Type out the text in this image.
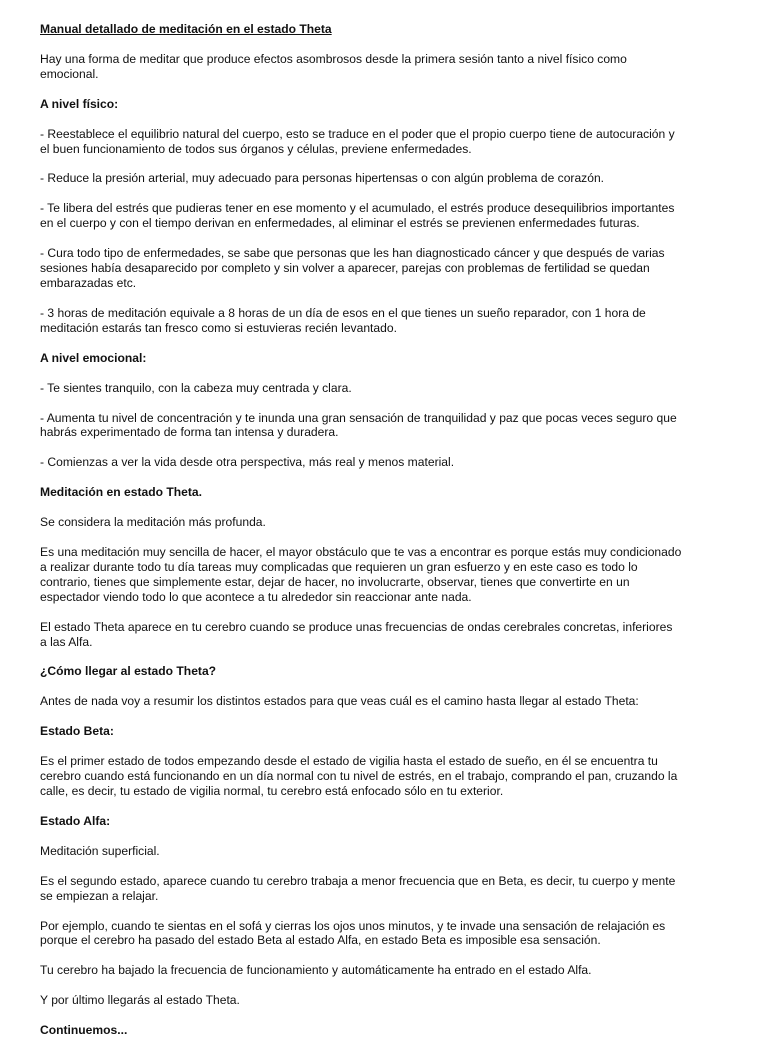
Manual detallado de meditación en el estado Theta
Hay una forma de meditar que produce efectos asombrosos desde la primera sesión tanto a nivel físico como
emocional.
A nivel físico:
- Reestablece el equilibrio natural del cuerpo, esto se traduce en el poder que el propio cuerpo tiene de autocuración y
el buen funcionamiento de todos sus órganos y células, previene enfermedades.
- Reduce la presión arterial, muy adecuado para personas hipertensas o con algún problema de corazón.
- Te libera del estrés que pudieras tener en ese momento y el acumulado, el estrés produce desequilibrios importantes
en el cuerpo y con el tiempo derivan en enfermedades, al eliminar el estrés se previenen enfermedades futuras.
- Cura todo tipo de enfermedades, se sabe que personas que les han diagnosticado cáncer y que después de varias
sesiones había desaparecido por completo y sin volver a aparecer, parejas con problemas de fertilidad se quedan
embarazadas etc.
- 3 horas de meditación equivale a 8 horas de un día de esos en el que tienes un sueño reparador, con 1 hora de
meditación estarás tan fresco como si estuvieras recién levantado.
A nivel emocional:
- Te sientes tranquilo, con la cabeza muy centrada y clara.
- Aumenta tu nivel de concentración y te inunda una gran sensación de tranquilidad y paz que pocas veces seguro que
habrás experimentado de forma tan intensa y duradera.
- Comienzas a ver la vida desde otra perspectiva, más real y menos material.
Meditación en estado Theta.
Se considera la meditación más profunda.
Es una meditación muy sencilla de hacer, el mayor obstáculo que te vas a encontrar es porque estás muy condicionado
a realizar durante todo tu día tareas muy complicadas que requieren un gran esfuerzo y en este caso es todo lo
contrario, tienes que simplemente estar, dejar de hacer, no involucrarte, observar, tienes que convertirte en un
espectador viendo todo lo que acontece a tu alrededor sin reaccionar ante nada.
El estado Theta aparece en tu cerebro cuando se produce unas frecuencias de ondas cerebrales concretas, inferiores
a las Alfa.
¿Cómo llegar al estado Theta?
Antes de nada voy a resumir los distintos estados para que veas cuál es el camino hasta llegar al estado Theta:
Estado Beta:
Es el primer estado de todos empezando desde el estado de vigilia hasta el estado de sueño, en él se encuentra tu
cerebro cuando está funcionando en un día normal con tu nivel de estrés, en el trabajo, comprando el pan, cruzando la
calle, es decir, tu estado de vigilia normal, tu cerebro está enfocado sólo en tu exterior.
Estado Alfa:
Meditación superficial.
Es el segundo estado, aparece cuando tu cerebro trabaja a menor frecuencia que en Beta, es decir, tu cuerpo y mente
se empiezan a relajar.
Por ejemplo, cuando te sientas en el sofá y cierras los ojos unos minutos, y te invade una sensación de relajación es
porque el cerebro ha pasado del estado Beta al estado Alfa, en estado Beta es imposible esa sensación.
Tu cerebro ha bajado la frecuencia de funcionamiento y automáticamente ha entrado en el estado Alfa.
Y por último llegarás al estado Theta.
Continuemos...
